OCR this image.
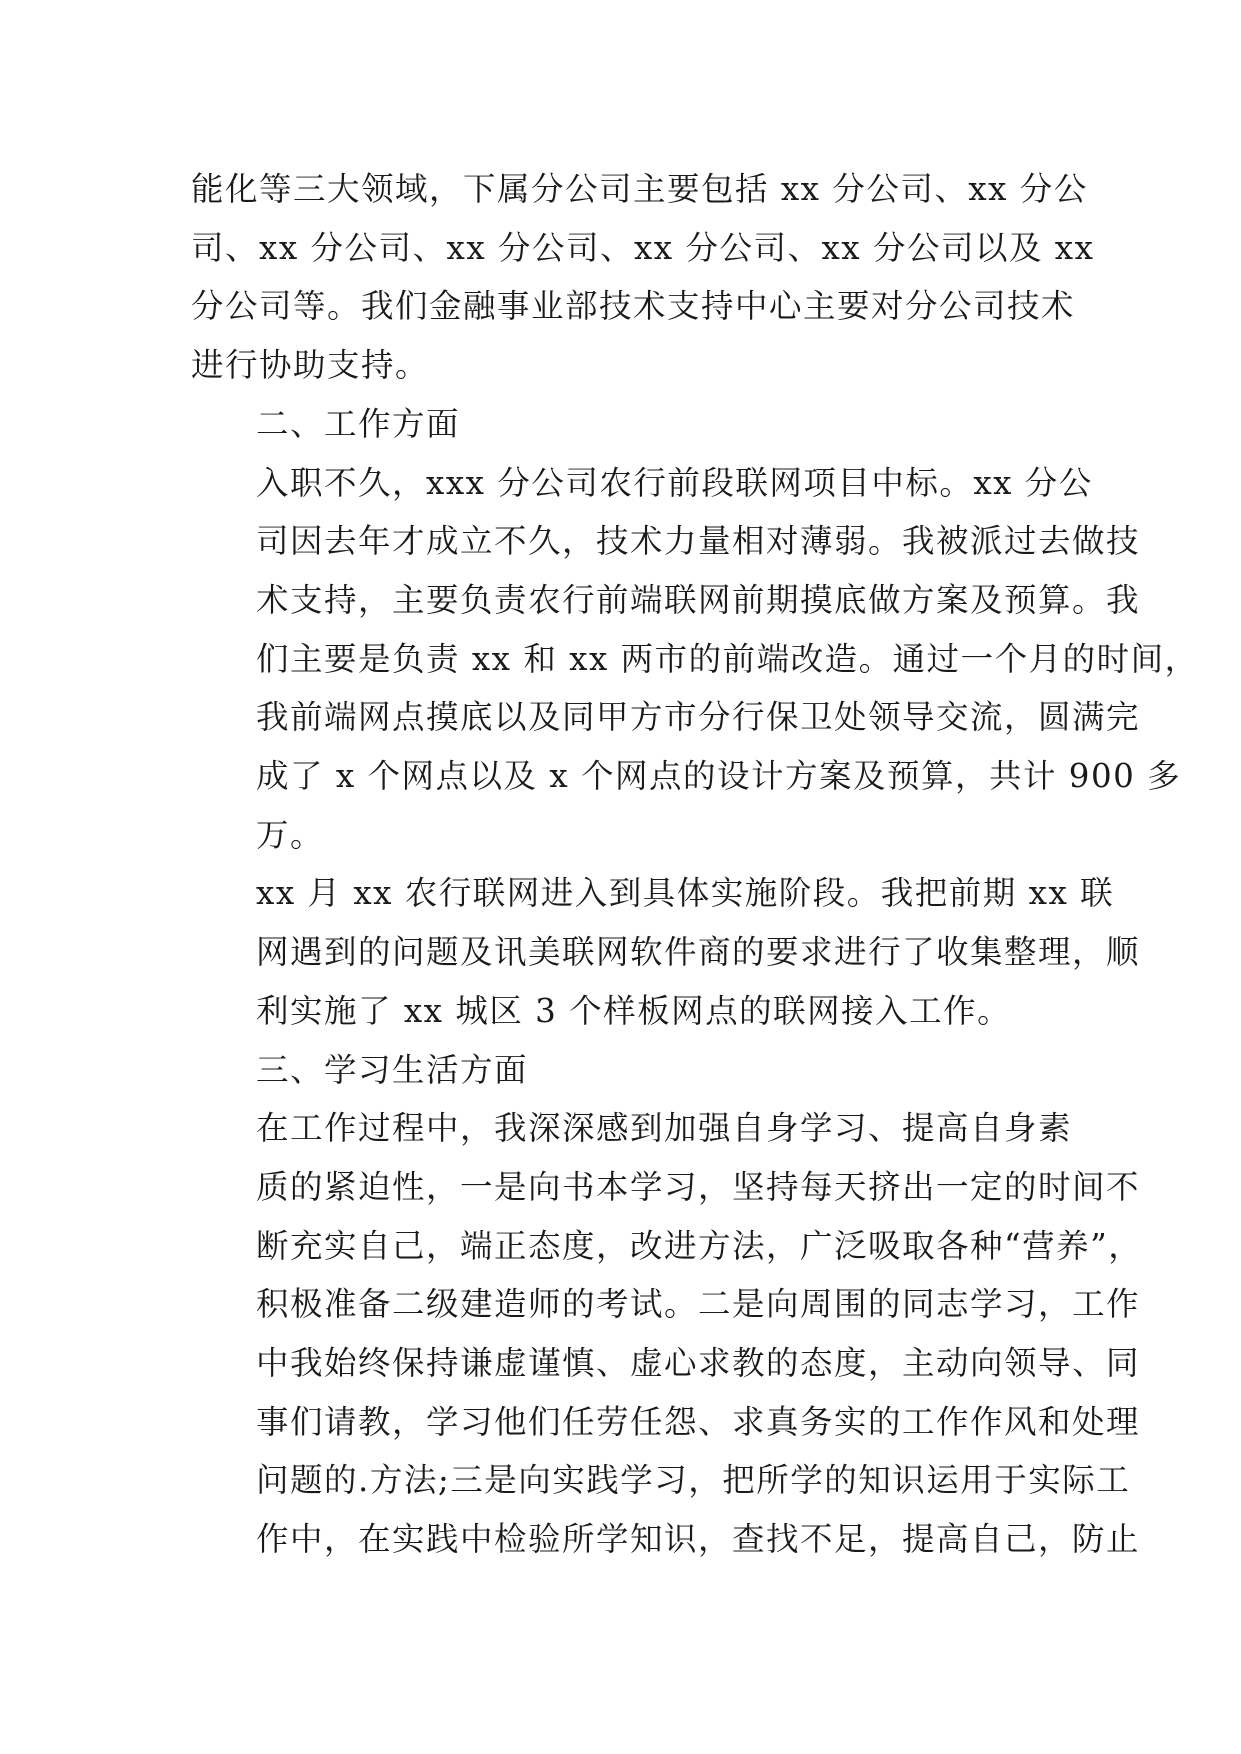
能化等三大领域，下属分公司主要包括 xx 分公司、xx 分公
司、xx 分公司、xx 分公司、xx 分公司、xx 分公司以及 xx
分公司等。我们金融事业部技术支持中心主要对分公司技术
进行协助支持。
二、工作方面
入职不久，xxx 分公司农行前段联网项目中标。xx 分公
司因去年才成立不久，技术力量相对薄弱。我被派过去做技
术支持，主要负责农行前端联网前期摸底做方案及预算。我
们主要是负责 xx 和 xx 两市的前端改造。通过一个月的时间，
我前端网点摸底以及同甲方市分行保卫处领导交流，圆满完
成了 x 个网点以及 x 个网点的设计方案及预算，共计 900 多
万。
xx 月 xx 农行联网进入到具体实施阶段。我把前期 xx 联
网遇到的问题及讯美联网软件商的要求进行了收集整理，顺
利实施了 xx 城区 3 个样板网点的联网接入工作。
三、学习生活方面
在工作过程中，我深深感到加强自身学习、提高自身素
质的紧迫性，一是向书本学习，坚持每天挤出一定的时间不
断充实自己，端正态度，改进方法，广泛吸取各种“营养”，
积极准备二级建造师的考试。二是向周围的同志学习，工作
中我始终保持谦虚谨慎、虚心求教的态度，主动向领导、同
事们请教，学习他们任劳任怨、求真务实的工作作风和处理
问题的.方法;三是向实践学习，把所学的知识运用于实际工
作中，在实践中检验所学知识，查找不足，提高自己，防止
